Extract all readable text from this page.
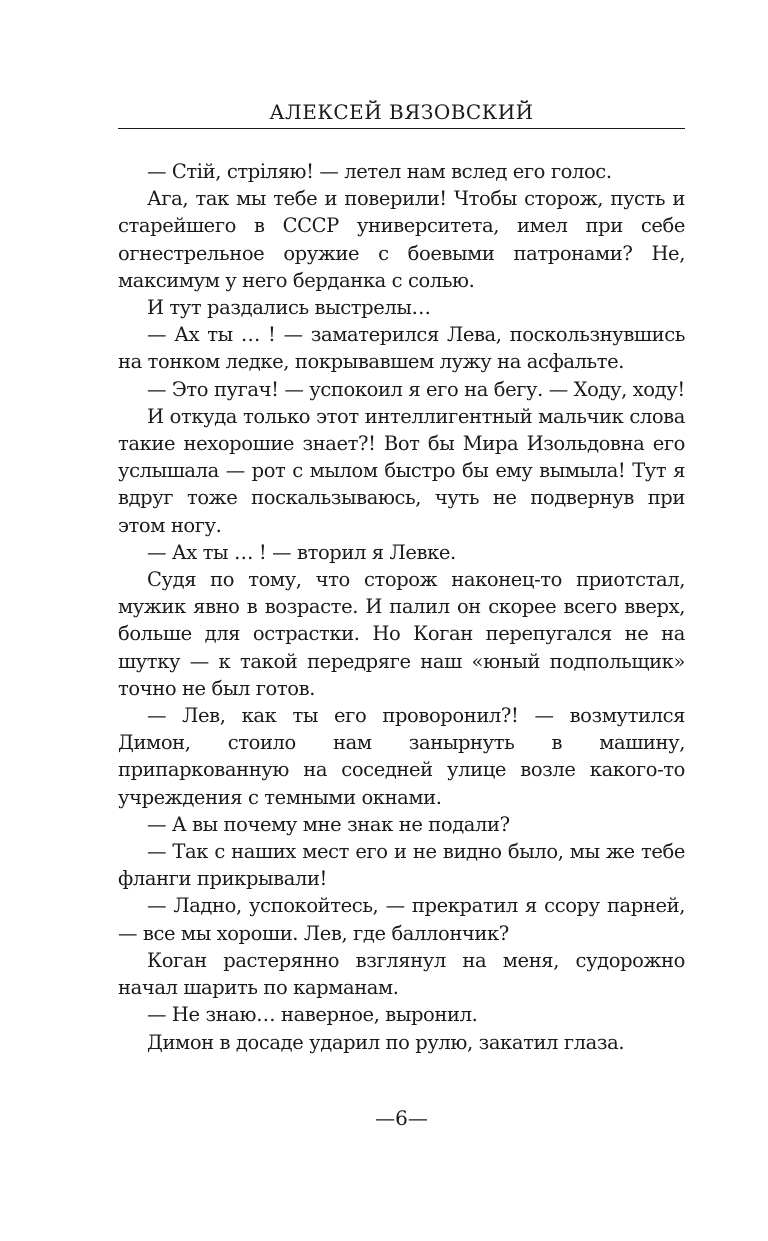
АЛЕКСЕЙ ВЯЗОВСКИЙ

— Стій, стріляю! — летел нам вслед его голос.

Ага, так мы тебе и поверили! Чтобы сторож, пусть и старейшего в СССР университета, имел при себе огнестрельное оружие с боевыми патронами? Не, максимум у него берданка с солью.

И тут раздались выстрелы…

— Ах ты … ! — заматерился Лева, поскользнувшись на тонком ледке, покрывавшем лужу на асфальте.

— Это пугач! — успокоил я его на бегу. — Ходу, ходу!

И откуда только этот интеллигентный мальчик слова такие нехорошие знает?! Вот бы Мира Изольдовна его услышала — рот с мылом быстро бы ему вымыла! Тут я вдруг тоже поскальзываюсь, чуть не подвернув при этом ногу.

— Ах ты … ! — вторил я Левке.

Судя по тому, что сторож наконец-то приотстал, мужик явно в возрасте. И палил он скорее всего вверх, больше для острастки. Но Коган перепугался не на шутку — к такой передряге наш «юный подпольщик» точно не был готов.

— Лев, как ты его проворонил?! — возмутился Димон, стоило нам занырнуть в машину, припаркованную на соседней улице возле какого-то учреждения с темными окнами.

— А вы почему мне знак не подали?

— Так с наших мест его и не видно было, мы же тебе фланги прикрывали!

— Ладно, успокойтесь, — прекратил я ссору парней, — все мы хороши. Лев, где баллончик?

Коган растерянно взглянул на меня, судорожно начал шарить по карманам.

— Не знаю… наверное, выронил.

Димон в досаде ударил по рулю, закатил глаза.

—6—
